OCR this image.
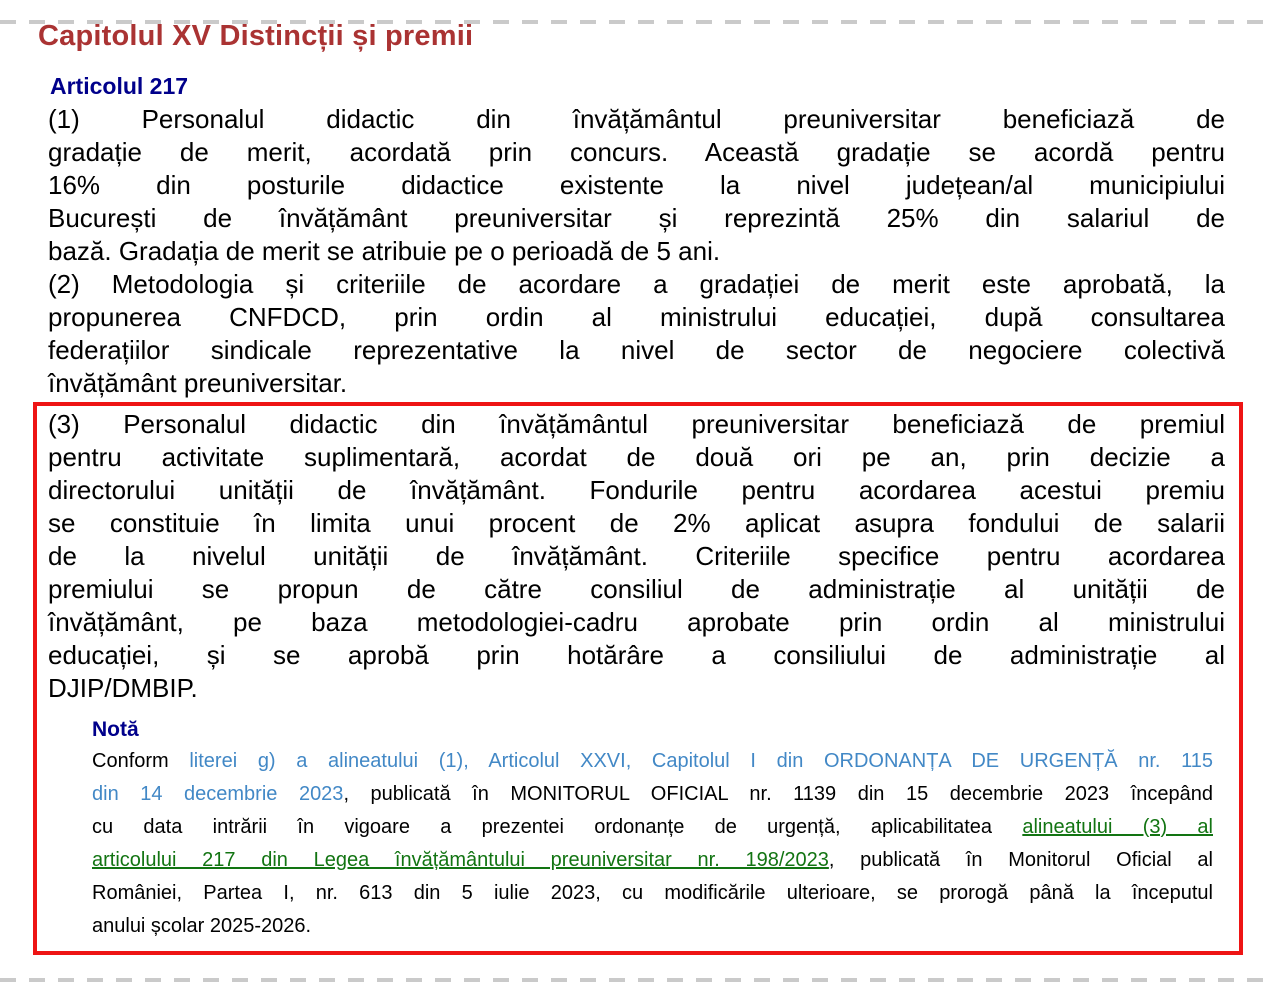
Capitolul XV Distincții și premii
Articolul 217
(1) Personalul didactic din învățământul preuniversitar beneficiază de
gradație de merit, acordată prin concurs. Această gradație se acordă pentru
16% din posturile didactice existente la nivel județean/al municipiului
București de învățământ preuniversitar și reprezintă 25% din salariul de
bază. Gradația de merit se atribuie pe o perioadă de 5 ani.
(2) Metodologia și criteriile de acordare a gradației de merit este aprobată, la
propunerea CNFDCD, prin ordin al ministrului educației, după consultarea
federațiilor sindicale reprezentative la nivel de sector de negociere colectivă
învățământ preuniversitar.
(3) Personalul didactic din învățământul preuniversitar beneficiază de premiul
pentru activitate suplimentară, acordat de două ori pe an, prin decizie a
directorului unității de învățământ. Fondurile pentru acordarea acestui premiu
se constituie în limita unui procent de 2% aplicat asupra fondului de salarii
de la nivelul unității de învățământ. Criteriile specifice pentru acordarea
premiului se propun de către consiliul de administrație al unității de
învățământ, pe baza metodologiei-cadru aprobate prin ordin al ministrului
educației, și se aprobă prin hotărâre a consiliului de administrație al
DJIP/DMBIP.
Notă
Conform literei g) a alineatului (1), Articolul XXVI, Capitolul I din ORDONANȚA DE URGENȚĂ nr. 115
din 14 decembrie 2023, publicată în MONITORUL OFICIAL nr. 1139 din 15 decembrie 2023 începând
cu data intrării în vigoare a prezentei ordonanțe de urgență, aplicabilitatea alineatului (3) al
articolului 217 din Legea învățământului preuniversitar nr. 198/2023, publicată în Monitorul Oficial al
României, Partea I, nr. 613 din 5 iulie 2023, cu modificările ulterioare, se prorogă până la începutul
anului școlar 2025-2026.
